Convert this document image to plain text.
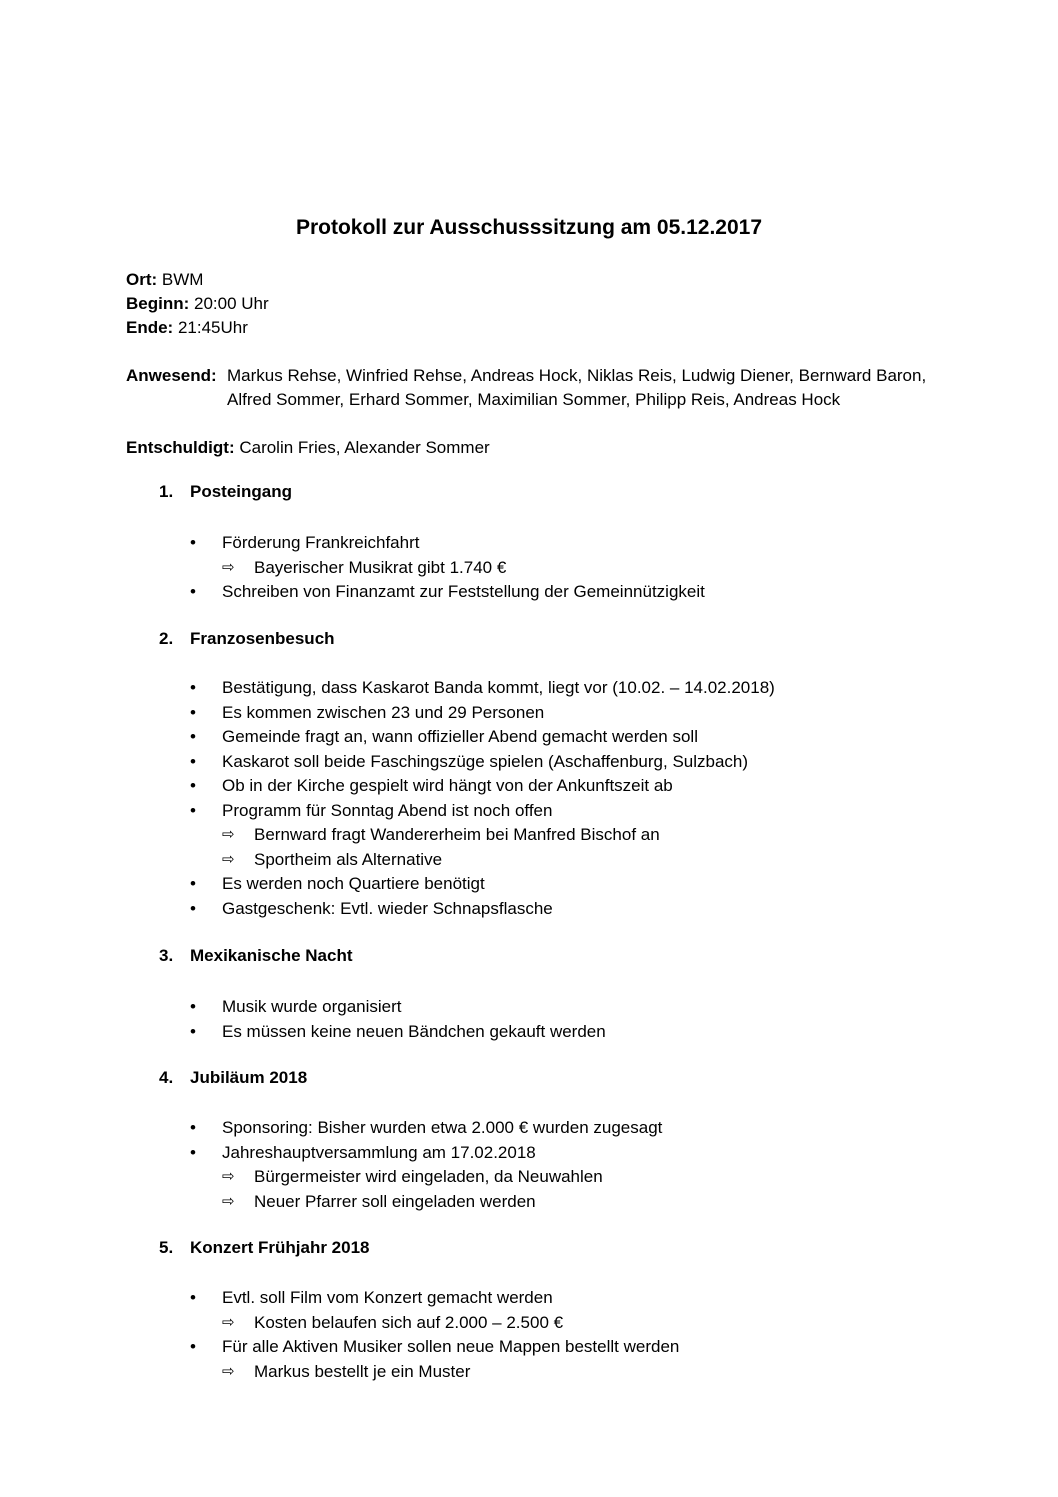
Protokoll zur Ausschusssitzung am 05.12.2017
Ort: BWM
Beginn: 20:00 Uhr
Ende: 21:45Uhr
Anwesend: Markus Rehse, Winfried Rehse, Andreas Hock, Niklas Reis, Ludwig Diener, Bernward Baron, Alfred Sommer, Erhard Sommer, Maximilian Sommer, Philipp Reis, Andreas Hock
Entschuldigt: Carolin Fries, Alexander Sommer
1. Posteingang
• Förderung Frankreichfahrt
⇨ Bayerischer Musikrat gibt 1.740 €
• Schreiben von Finanzamt zur Feststellung der Gemeinnützigkeit
2. Franzosenbesuch
• Bestätigung, dass Kaskarot Banda kommt, liegt vor (10.02. – 14.02.2018)
• Es kommen zwischen 23 und 29 Personen
• Gemeinde fragt an, wann offizieller Abend gemacht werden soll
• Kaskarot soll beide Faschingszüge spielen (Aschaffenburg, Sulzbach)
• Ob in der Kirche gespielt wird hängt von der Ankunftszeit ab
• Programm für Sonntag Abend ist noch offen
⇨ Bernward fragt Wandererheim bei Manfred Bischof an
⇨ Sportheim als Alternative
• Es werden noch Quartiere benötigt
• Gastgeschenk: Evtl. wieder Schnapsflasche
3. Mexikanische Nacht
• Musik wurde organisiert
• Es müssen keine neuen Bändchen gekauft werden
4. Jubiläum 2018
• Sponsoring: Bisher wurden etwa 2.000 € wurden zugesagt
• Jahreshauptversammlung am 17.02.2018
⇨ Bürgermeister wird eingeladen, da Neuwahlen
⇨ Neuer Pfarrer soll eingeladen werden
5. Konzert Frühjahr 2018
• Evtl. soll Film vom Konzert gemacht werden
⇨ Kosten belaufen sich auf 2.000 – 2.500 €
• Für alle Aktiven Musiker sollen neue Mappen bestellt werden
⇨ Markus bestellt je ein Muster
